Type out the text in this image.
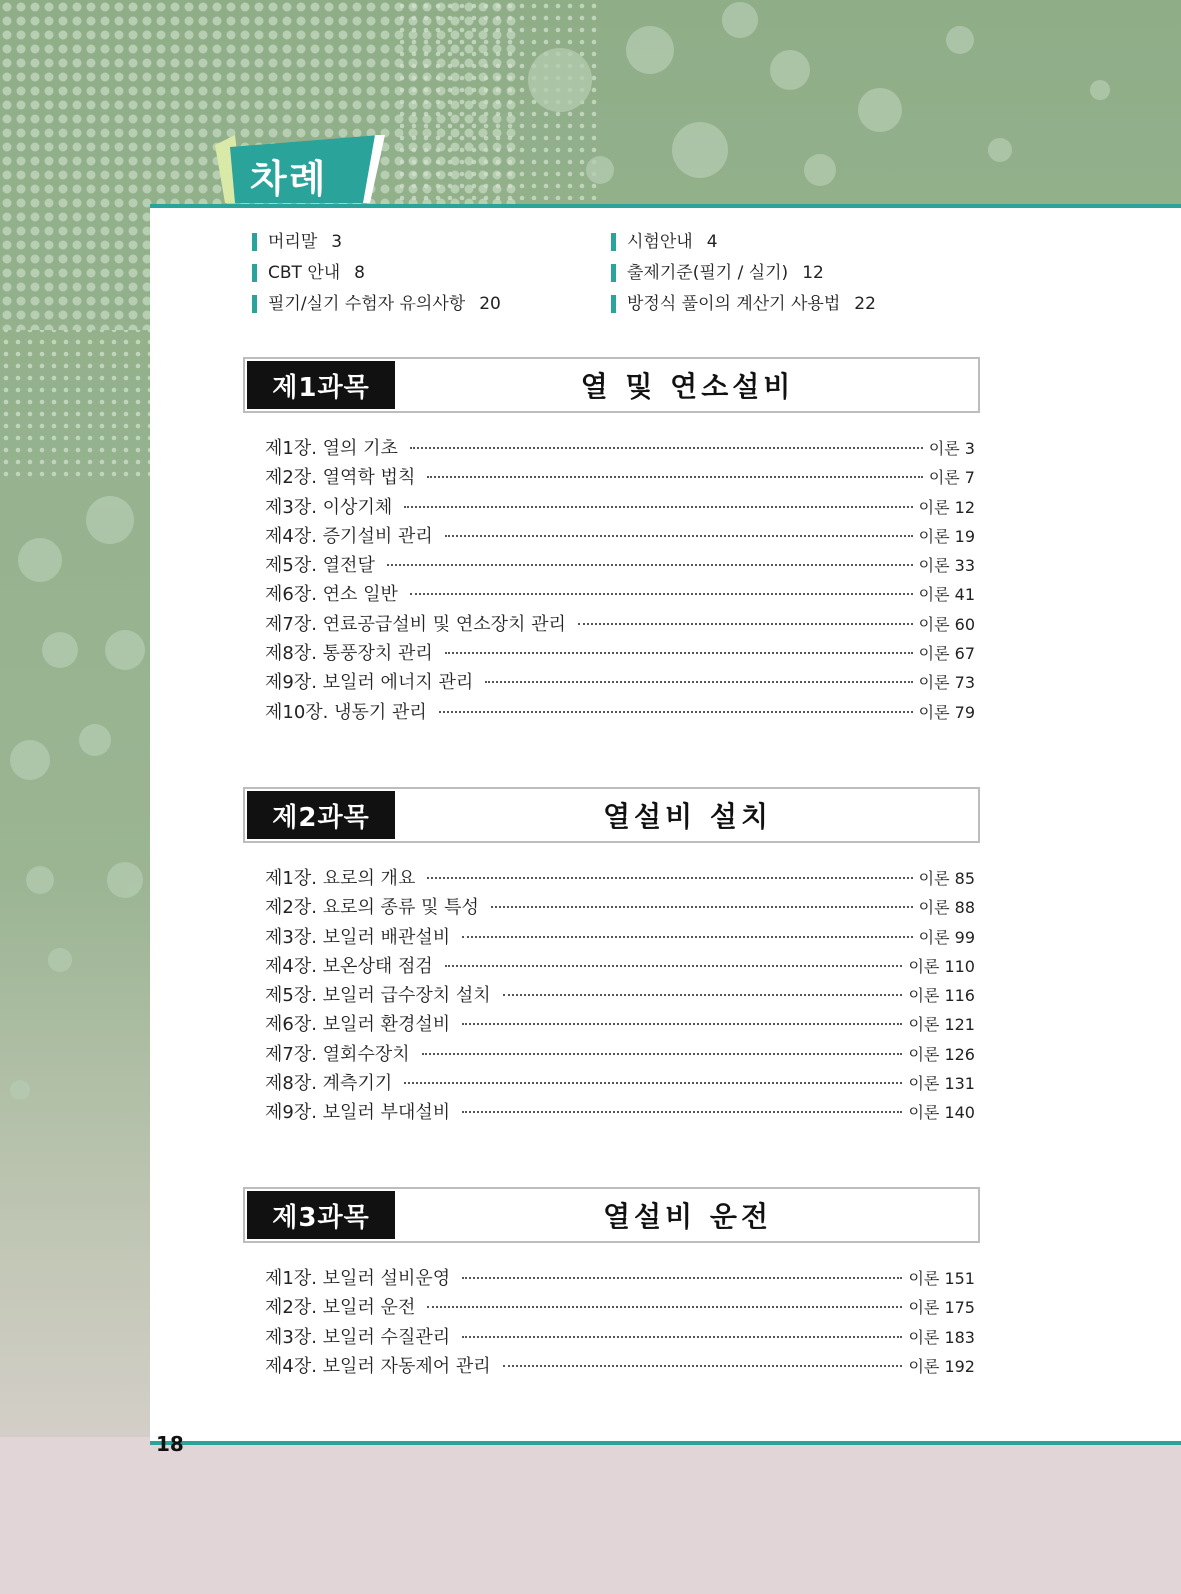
차례
머리말 3	시험안내 4
CBT 안내 8	출제기준(필기 / 실기) 12
필기/실기 수험자 유의사항 20	방정식 풀이의 계산기 사용법 22
제1과목	열 및 연소설비
제1장. 열의 기초	이론 3
제2장. 열역학 법칙	이론 7
제3장. 이상기체	이론 12
제4장. 증기설비 관리	이론 19
제5장. 열전달	이론 33
제6장. 연소 일반	이론 41
제7장. 연료공급설비 및 연소장치 관리	이론 60
제8장. 통풍장치 관리	이론 67
제9장. 보일러 에너지 관리	이론 73
제10장. 냉동기 관리	이론 79
제2과목	열설비 설치
제1장. 요로의 개요	이론 85
제2장. 요로의 종류 및 특성	이론 88
제3장. 보일러 배관설비	이론 99
제4장. 보온상태 점검	이론 110
제5장. 보일러 급수장치 설치	이론 116
제6장. 보일러 환경설비	이론 121
제7장. 열회수장치	이론 126
제8장. 계측기기	이론 131
제9장. 보일러 부대설비	이론 140
제3과목	열설비 운전
제1장. 보일러 설비운영	이론 151
제2장. 보일러 운전	이론 175
제3장. 보일러 수질관리	이론 183
제4장. 보일러 자동제어 관리	이론 192
18
